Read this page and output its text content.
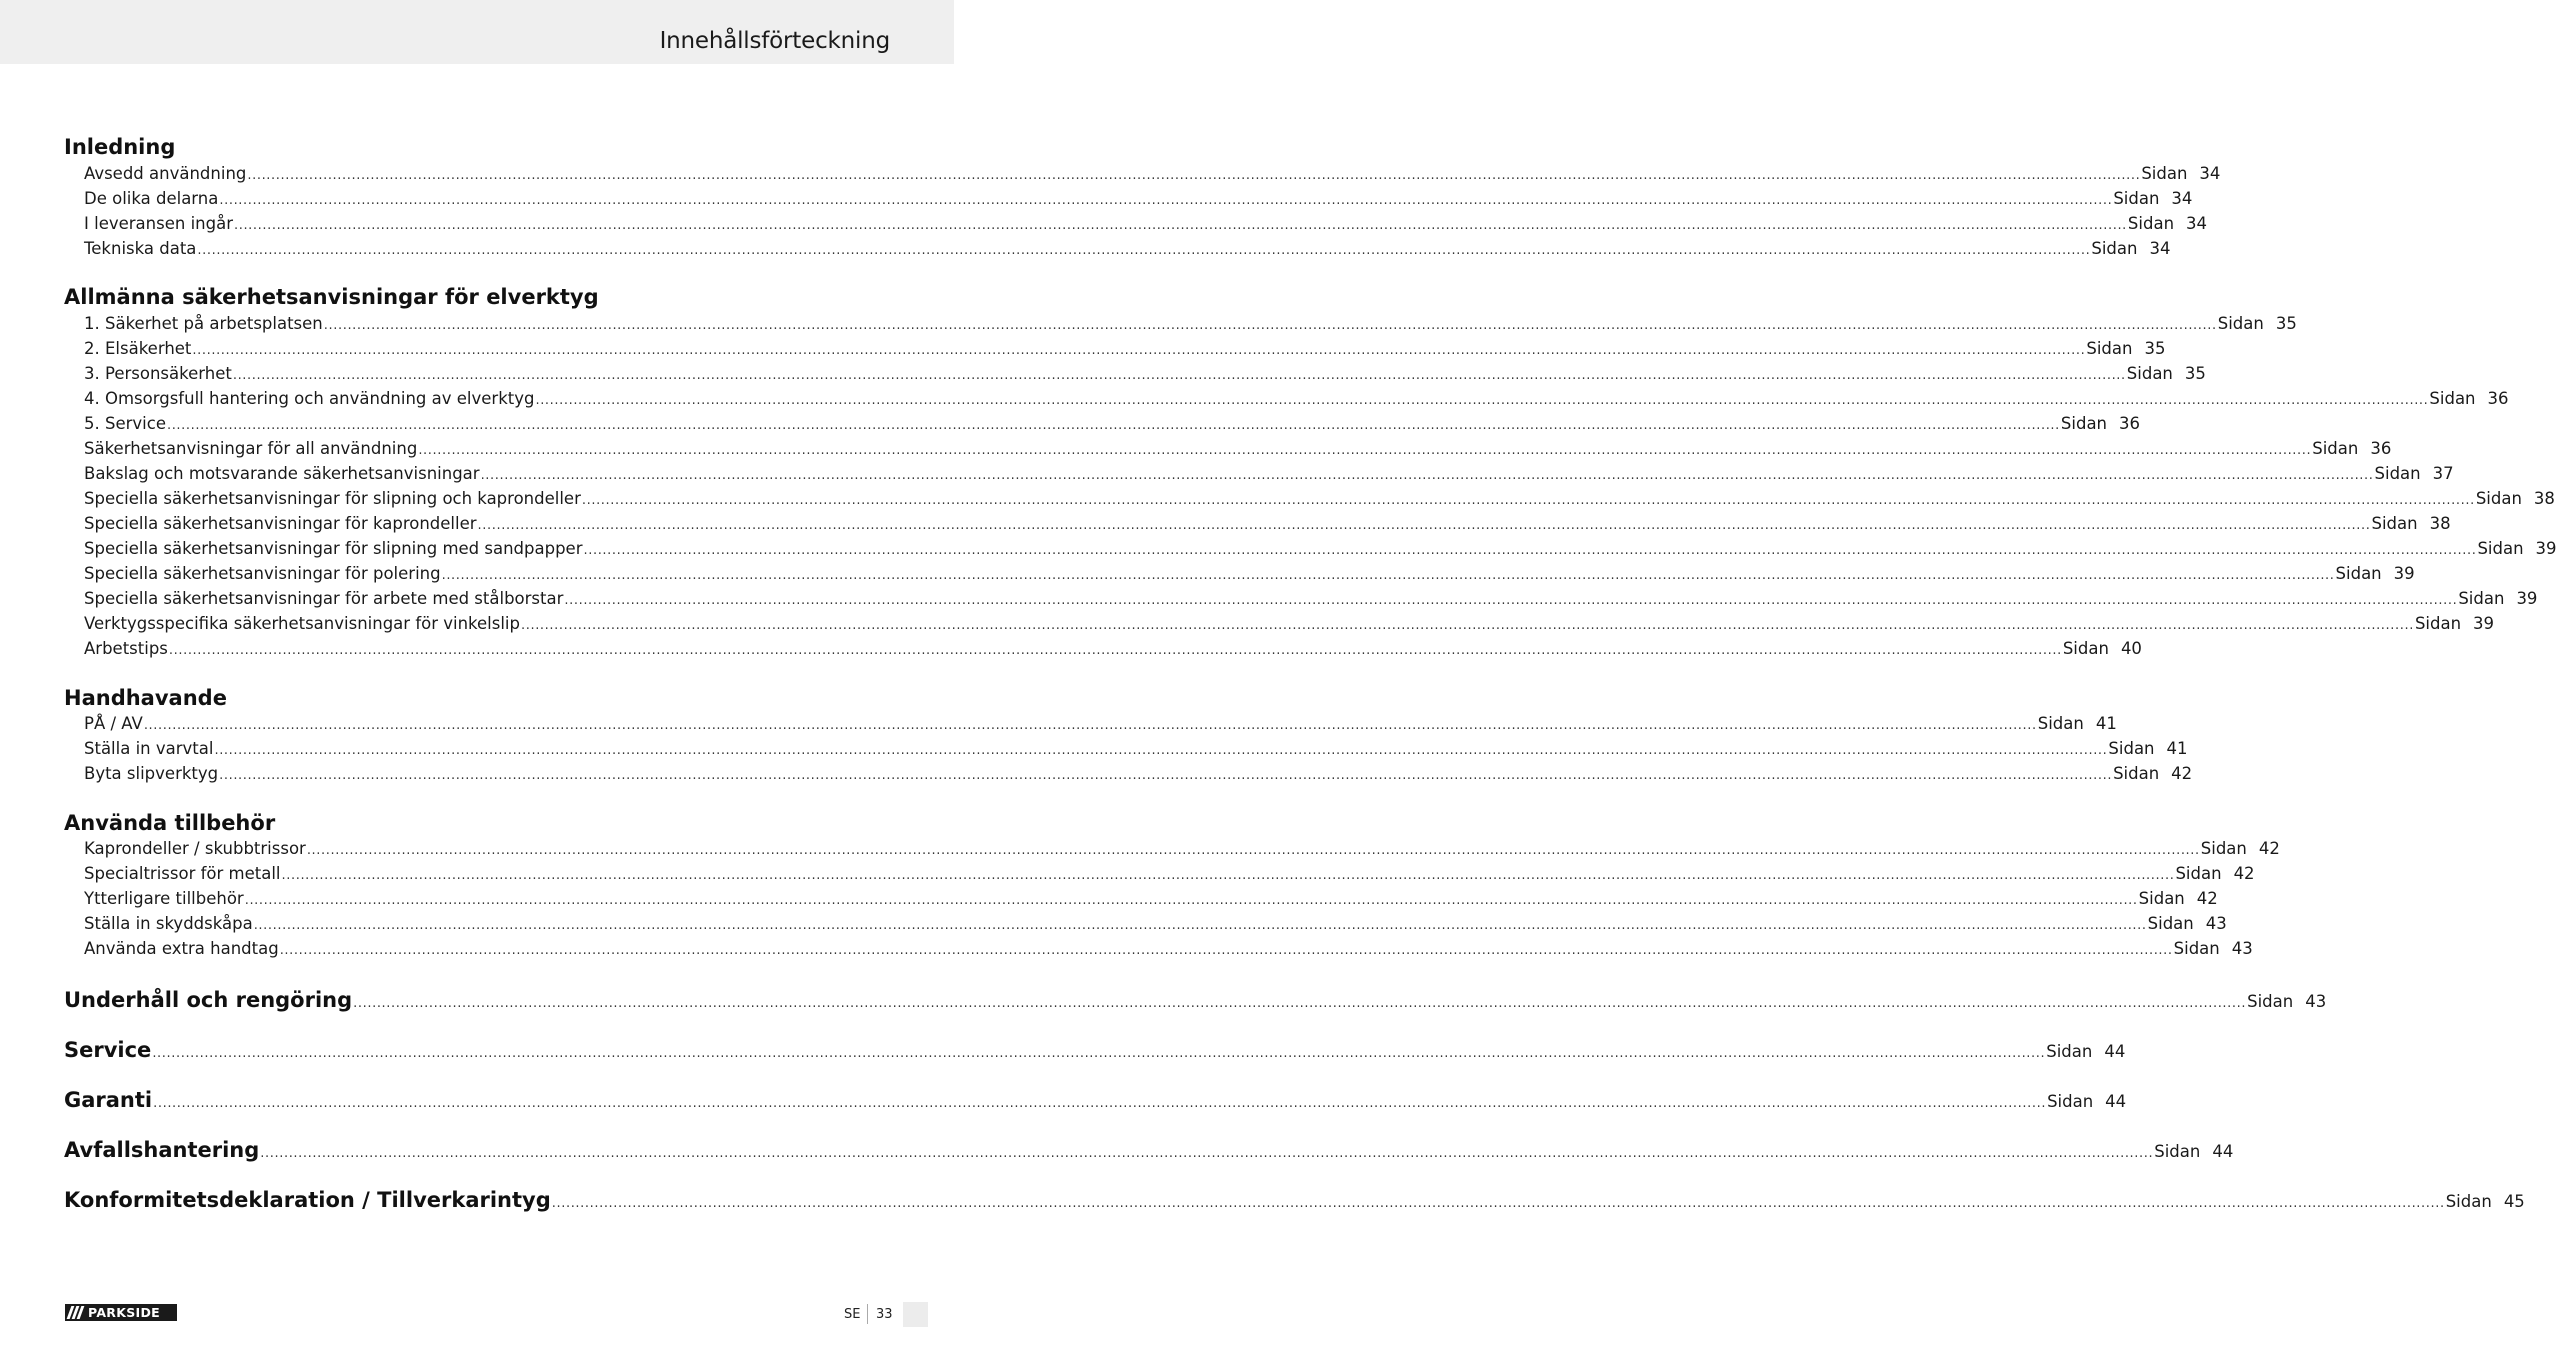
Innehållsförteckning
Inledning
Avsedd användning ................................................................................................................................................................................................................................................................................................................................................................................................................ Sidan 34
De olika delarna ................................................................................................................................................................................................................................................................................................................................................................................................................ Sidan 34
I leveransen ingår ................................................................................................................................................................................................................................................................................................................................................................................................................ Sidan 34
Tekniska data ................................................................................................................................................................................................................................................................................................................................................................................................................ Sidan 34
Allmänna säkerhetsanvisningar för elverktyg
1. Säkerhet på arbetsplatsen ................................................................................................................................................................................................................................................................................................................................................................................................................ Sidan 35
2. Elsäkerhet ................................................................................................................................................................................................................................................................................................................................................................................................................ Sidan 35
3. Personsäkerhet ................................................................................................................................................................................................................................................................................................................................................................................................................ Sidan 35
4. Omsorgsfull hantering och användning av elverktyg ................................................................................................................................................................................................................................................................................................................................................................................................................ Sidan 36
5. Service ................................................................................................................................................................................................................................................................................................................................................................................................................ Sidan 36
Säkerhetsanvisningar för all användning ................................................................................................................................................................................................................................................................................................................................................................................................................ Sidan 36
Bakslag och motsvarande säkerhetsanvisningar ................................................................................................................................................................................................................................................................................................................................................................................................................ Sidan 37
Speciella säkerhetsanvisningar för slipning och kaprondeller ................................................................................................................................................................................................................................................................................................................................................................................................................ Sidan 38
Speciella säkerhetsanvisningar för kaprondeller ................................................................................................................................................................................................................................................................................................................................................................................................................ Sidan 38
Speciella säkerhetsanvisningar för slipning med sandpapper ................................................................................................................................................................................................................................................................................................................................................................................................................ Sidan 39
Speciella säkerhetsanvisningar för polering ................................................................................................................................................................................................................................................................................................................................................................................................................ Sidan 39
Speciella säkerhetsanvisningar för arbete med stålborstar ................................................................................................................................................................................................................................................................................................................................................................................................................ Sidan 39
Verktygsspecifika säkerhetsanvisningar för vinkelslip ................................................................................................................................................................................................................................................................................................................................................................................................................ Sidan 39
Arbetstips ................................................................................................................................................................................................................................................................................................................................................................................................................ Sidan 40
Handhavande
PÅ / AV ................................................................................................................................................................................................................................................................................................................................................................................................................ Sidan 41
Ställa in varvtal ................................................................................................................................................................................................................................................................................................................................................................................................................ Sidan 41
Byta slipverktyg ................................................................................................................................................................................................................................................................................................................................................................................................................ Sidan 42
Använda tillbehör
Kaprondeller / skubbtrissor ................................................................................................................................................................................................................................................................................................................................................................................................................ Sidan 42
Specialtrissor för metall ................................................................................................................................................................................................................................................................................................................................................................................................................ Sidan 42
Ytterligare tillbehör ................................................................................................................................................................................................................................................................................................................................................................................................................ Sidan 42
Ställa in skyddskåpa ................................................................................................................................................................................................................................................................................................................................................................................................................ Sidan 43
Använda extra handtag ................................................................................................................................................................................................................................................................................................................................................................................................................ Sidan 43
Underhåll och rengöring ................................................................................................................................................................................................................................................................................................................................................................................................................ Sidan 43
Service ................................................................................................................................................................................................................................................................................................................................................................................................................ Sidan 44
Garanti ................................................................................................................................................................................................................................................................................................................................................................................................................ Sidan 44
Avfallshantering ................................................................................................................................................................................................................................................................................................................................................................................................................ Sidan 44
Konformitetsdeklaration / Tillverkarintyg ................................................................................................................................................................................................................................................................................................................................................................................................................ Sidan 45
PARKSIDE	SE 33
